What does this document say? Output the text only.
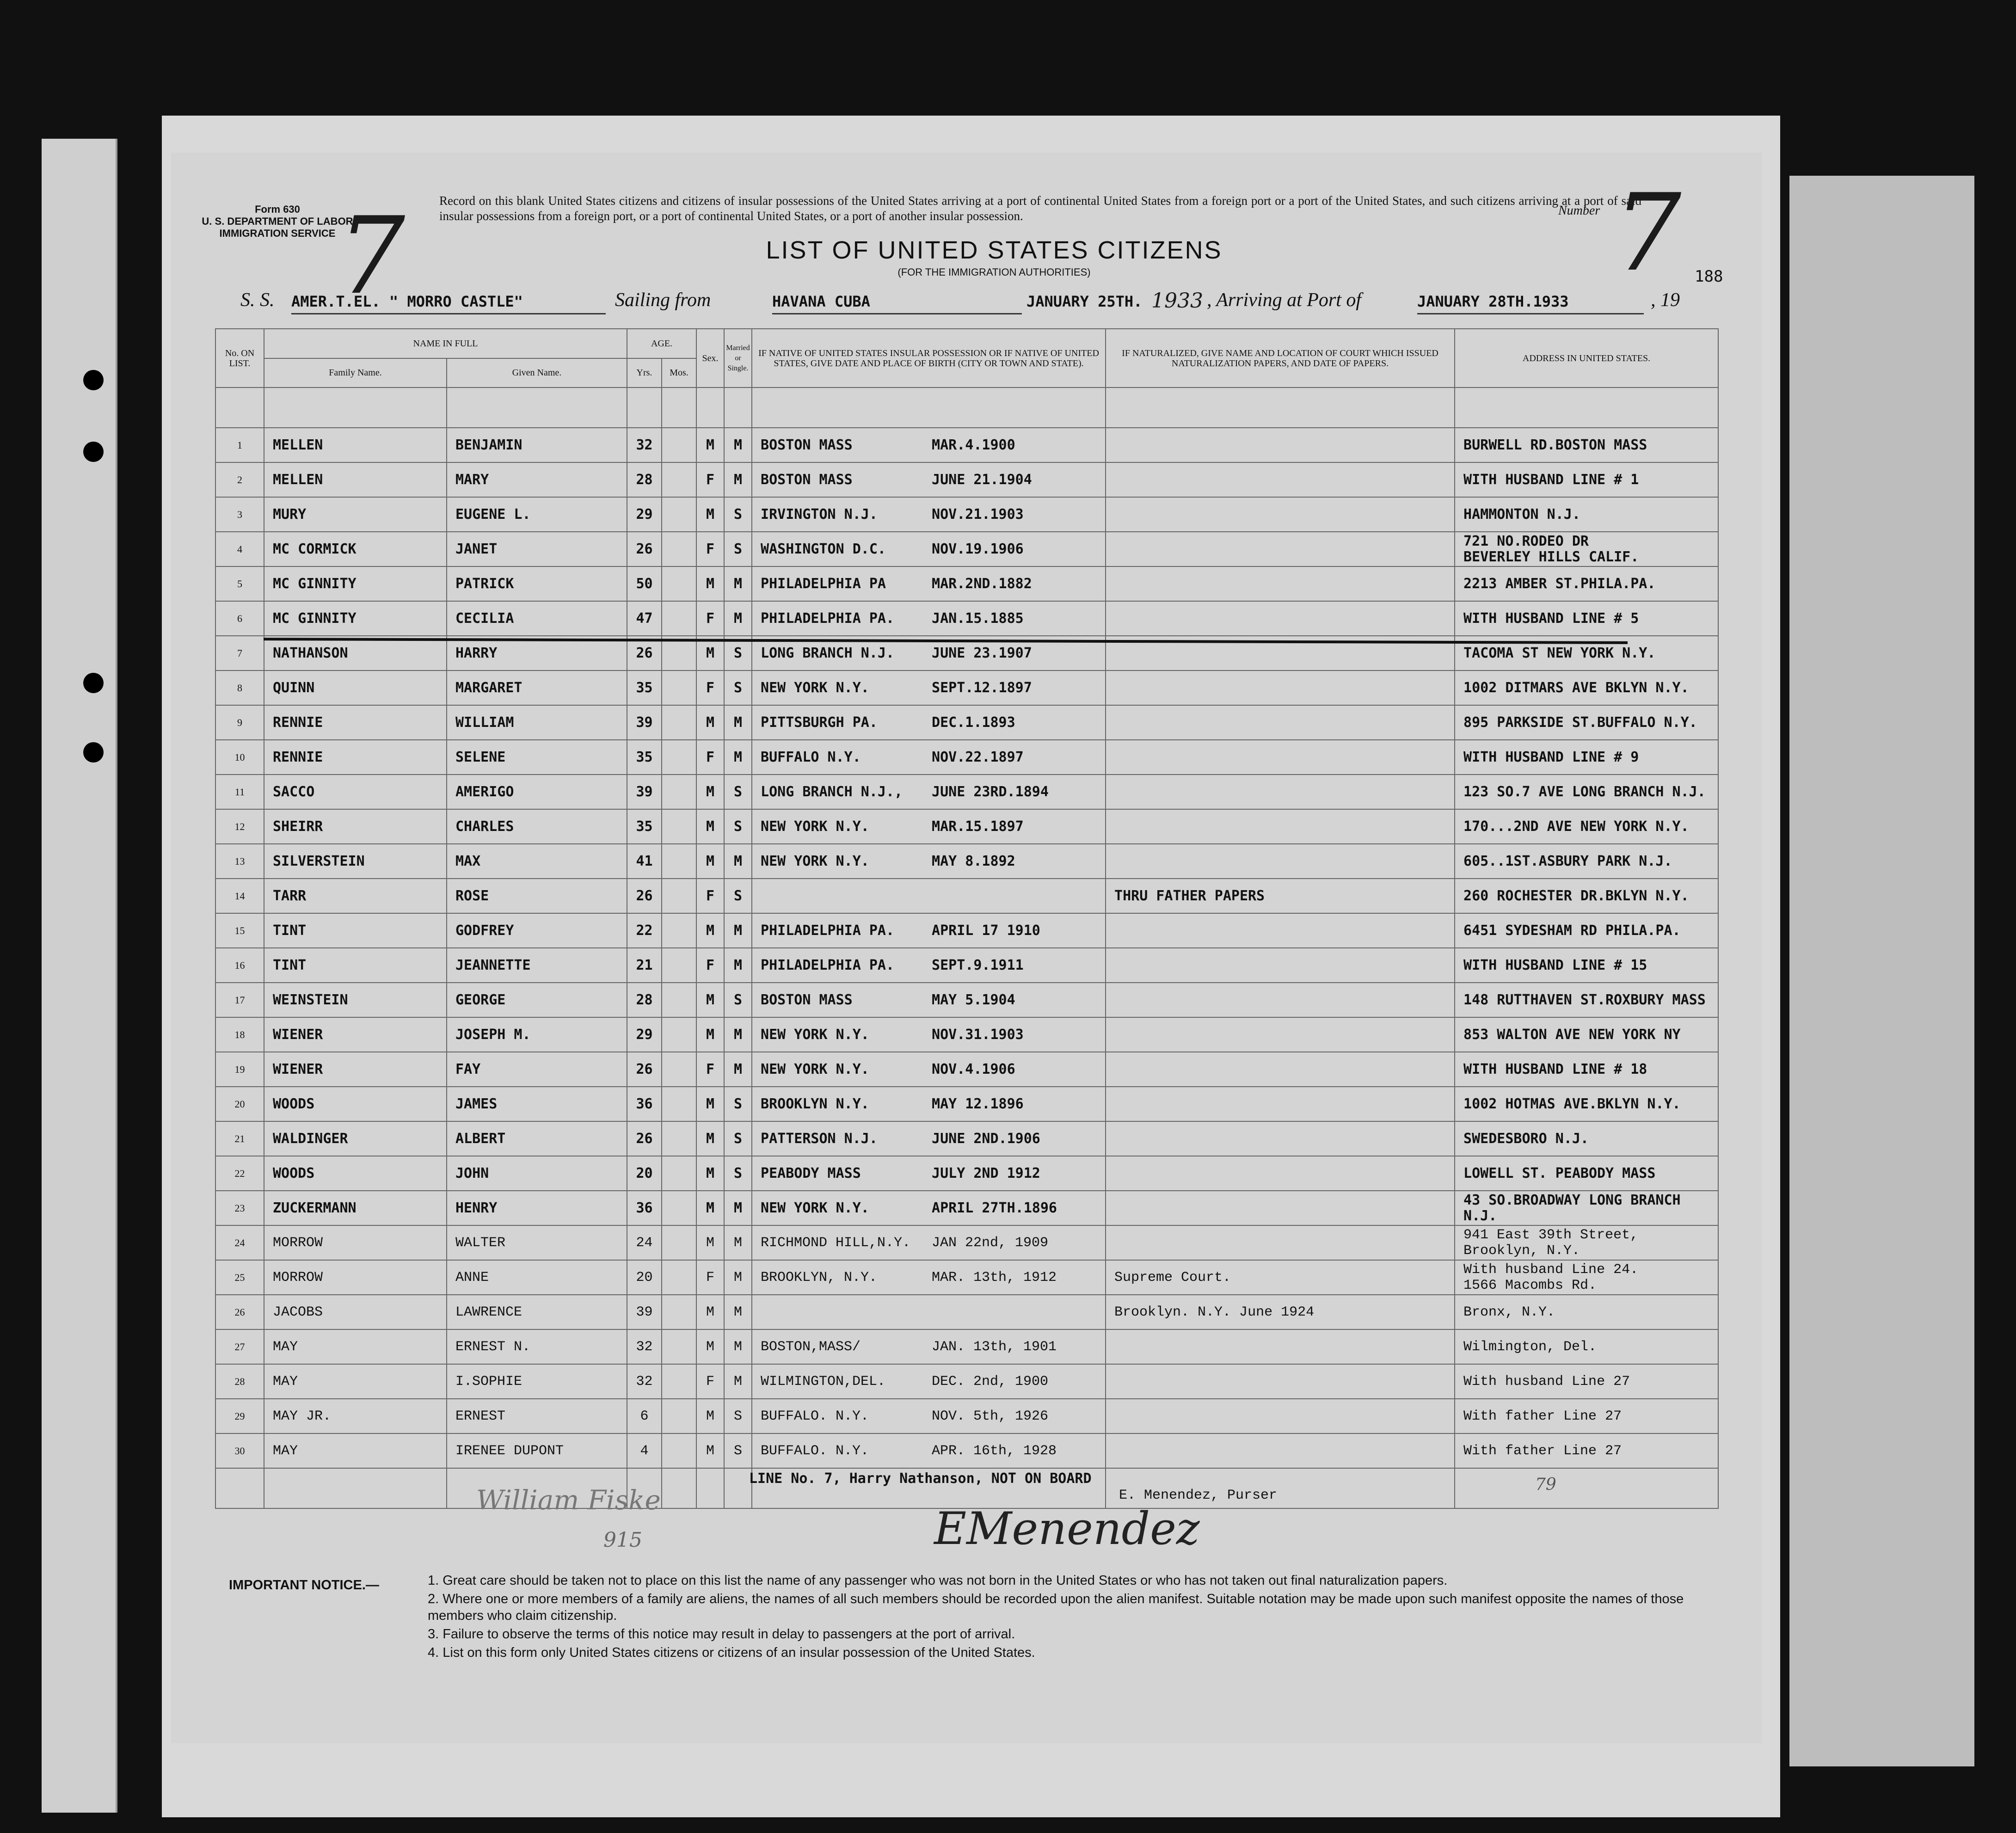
Form 630
U. S. DEPARTMENT OF LABOR
IMMIGRATION SERVICE 7	Record on this blank United States citizens and citizens of insular possessions of the United States arriving at a port of continental United States from a foreign port or a port of the United States, and such citizens arriving at a port of said insular possessions from a foreign port, or a port of continental United States, or a port of another insular possession.	Number 7
LIST OF UNITED STATES CITIZENS
(FOR THE IMMIGRATION AUTHORITIES)	188
S. S. AMER.T.EL. " MORRO CASTLE"	Sailing from	HAVANA CUBA	JANUARY 25TH. 1933 , Arriving at Port of	JANUARY 28TH.1933	, 19
No. ON LIST.	NAME IN FULL		AGE.		Sex.	Married or Single.	IF NATIVE OF UNITED STATES INSULAR POSSESSION OR IF NATIVE OF UNITED STATES, GIVE DATE AND PLACE OF BIRTH (CITY OR TOWN AND STATE).	IF NATURALIZED, GIVE NAME AND LOCATION OF COURT WHICH ISSUED NATURALIZATION PAPERS, AND DATE OF PAPERS.	ADDRESS IN UNITED STATES.
	Family Name.	Given Name.	Yrs.	Mos.					

1	MELLEN	BENJAMIN	32		M	M	BOSTON MASS MAR.4.1900		BURWELL RD.BOSTON MASS
2	MELLEN	MARY	28		F	M	BOSTON MASS JUNE 21.1904		WITH HUSBAND LINE # 1
3	MURY	EUGENE L.	29		M	S	IRVINGTON N.J. NOV.21.1903		HAMMONTON N.J.
4	MC CORMICK	JANET	26		F	S	WASHINGTON D.C. NOV.19.1906		721 NO.RODEO DR
BEVERLEY HILLS CALIF.
5	MC GINNITY	PATRICK	50		M	M	PHILADELPHIA PA MAR.2ND.1882		2213 AMBER ST.PHILA.PA.
6	MC GINNITY	CECILIA	47		F	M	PHILADELPHIA PA. JAN.15.1885		WITH HUSBAND LINE # 5
7	NATHANSON	HARRY	26		M	S	LONG BRANCH N.J. JUNE 23.1907		TACOMA ST NEW YORK N.Y.
8	QUINN	MARGARET	35		F	S	NEW YORK N.Y. SEPT.12.1897		1002 DITMARS AVE BKLYN N.Y.
9	RENNIE	WILLIAM	39		M	M	PITTSBURGH PA. DEC.1.1893		895 PARKSIDE ST.BUFFALO N.Y.
10	RENNIE	SELENE	35		F	M	BUFFALO N.Y. NOV.22.1897		WITH HUSBAND LINE # 9
11	SACCO	AMERIGO	39		M	S	LONG BRANCH N.J., JUNE 23RD.1894		123 SO.7 AVE LONG BRANCH N.J.
12	SHEIRR	CHARLES	35		M	S	NEW YORK N.Y. MAR.15.1897		170...2ND AVE NEW YORK N.Y.
13	SILVERSTEIN	MAX	41		M	M	NEW YORK N.Y. MAY 8.1892		605..1ST.ASBURY PARK N.J.
14	TARR	ROSE	26		F	S		THRU FATHER PAPERS	260 ROCHESTER DR.BKLYN N.Y.
15	TINT	GODFREY	22		M	M	PHILADELPHIA PA. APRIL 17 1910		6451 SYDESHAM RD PHILA.PA.
16	TINT	JEANNETTE	21		F	M	PHILADELPHIA PA. SEPT.9.1911		WITH HUSBAND LINE # 15
17	WEINSTEIN	GEORGE	28		M	S	BOSTON MASS MAY 5.1904		148 RUTTHAVEN ST.ROXBURY MASS
18	WIENER	JOSEPH M.	29		M	M	NEW YORK N.Y. NOV.31.1903		853 WALTON AVE NEW YORK NY
19	WIENER	FAY	26		F	M	NEW YORK N.Y. NOV.4.1906		WITH HUSBAND LINE # 18
20	WOODS	JAMES	36		M	S	BROOKLYN N.Y. MAY 12.1896		1002 HOTMAS AVE.BKLYN N.Y.
21	WALDINGER	ALBERT	26		M	S	PATTERSON N.J. JUNE 2ND.1906		SWEDESBORO N.J.
22	WOODS	JOHN	20		M	S	PEABODY MASS JULY 2ND 1912		LOWELL ST. PEABODY MASS
23	ZUCKERMANN	HENRY	36		M	M	NEW YORK N.Y. APRIL 27TH.1896		43 SO.BROADWAY LONG BRANCH N.J.
24	MORROW	WALTER	24		M	M	RICHMOND HILL,N.Y. JAN 22nd, 1909		941 East 39th Street,
Brooklyn, N.Y.
25	MORROW	ANNE	20		F	M	BROOKLYN, N.Y. MAR. 13th, 1912	Supreme Court.	With husband Line 24.
1566 Macombs Rd.
26	JACOBS	LAWRENCE	39		M	M		Brooklyn. N.Y. June 1924	Bronx, N.Y.
27	MAY	ERNEST N.	32		M	M	BOSTON,MASS/ JAN. 13th, 1901		Wilmington, Del.
28	MAY	I.SOPHIE	32		F	M	WILMINGTON,DEL. DEC. 2nd, 1900		With husband Line 27
29	MAY JR.	ERNEST	6		M	S	BUFFALO. N.Y. NOV. 5th, 1926		With father Line 27
30	MAY	IRENEE DUPONT	4		M	S	BUFFALO. N.Y. APR. 16th, 1928		With father Line 27

LINE No. 7, Harry Nathanson, NOT ON BOARD
E. Menendez, Purser
EMenendez
79
William Fiske
915
IMPORTANT NOTICE.—	1. Great care should be taken not to place on this list the name of any passenger who was not born in the United States or who has not taken out final naturalization papers.
2. Where one or more members of a family are aliens, the names of all such members should be recorded upon the alien manifest. Suitable notation may be made upon such manifest opposite the names of those members who claim citizenship.
3. Failure to observe the terms of this notice may result in delay to passengers at the port of arrival.
4. List on this form only United States citizens or citizens of an insular possession of the United States.
